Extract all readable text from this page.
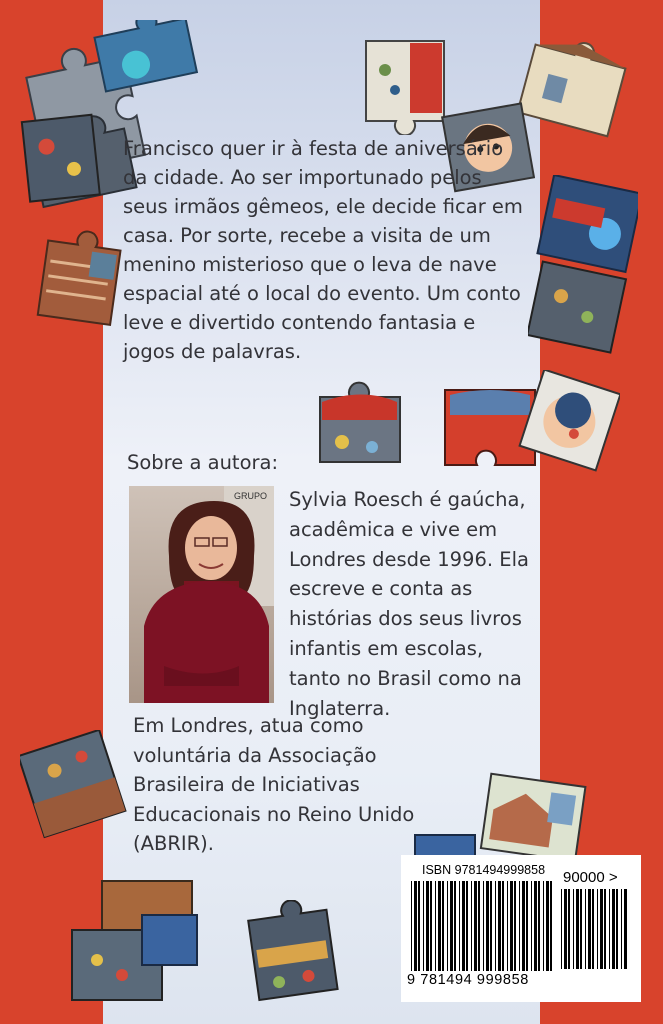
Francisco quer ir à festa de aniversário da cidade. Ao ser importunado pelos seus irmãos gêmeos, ele decide ficar em casa. Por sorte, recebe a visita de um menino misterioso que o leva de nave espacial até o local do evento. Um conto leve e divertido contendo fantasia e jogos de palavras.

Sobre a autora:

GRUPO Sylvia Roesch é gaúcha, acadêmica e vive em Londres desde 1996. Ela escreve e conta as histórias dos seus livros infantis em escolas, tanto no Brasil como na Inglaterra.

Em Londres, atua como voluntária da Associação Brasileira de Iniciativas Educacionais no Reino Unido (ABRIR).

ISBN 9781494999858 90000 >
9 781494 999858
